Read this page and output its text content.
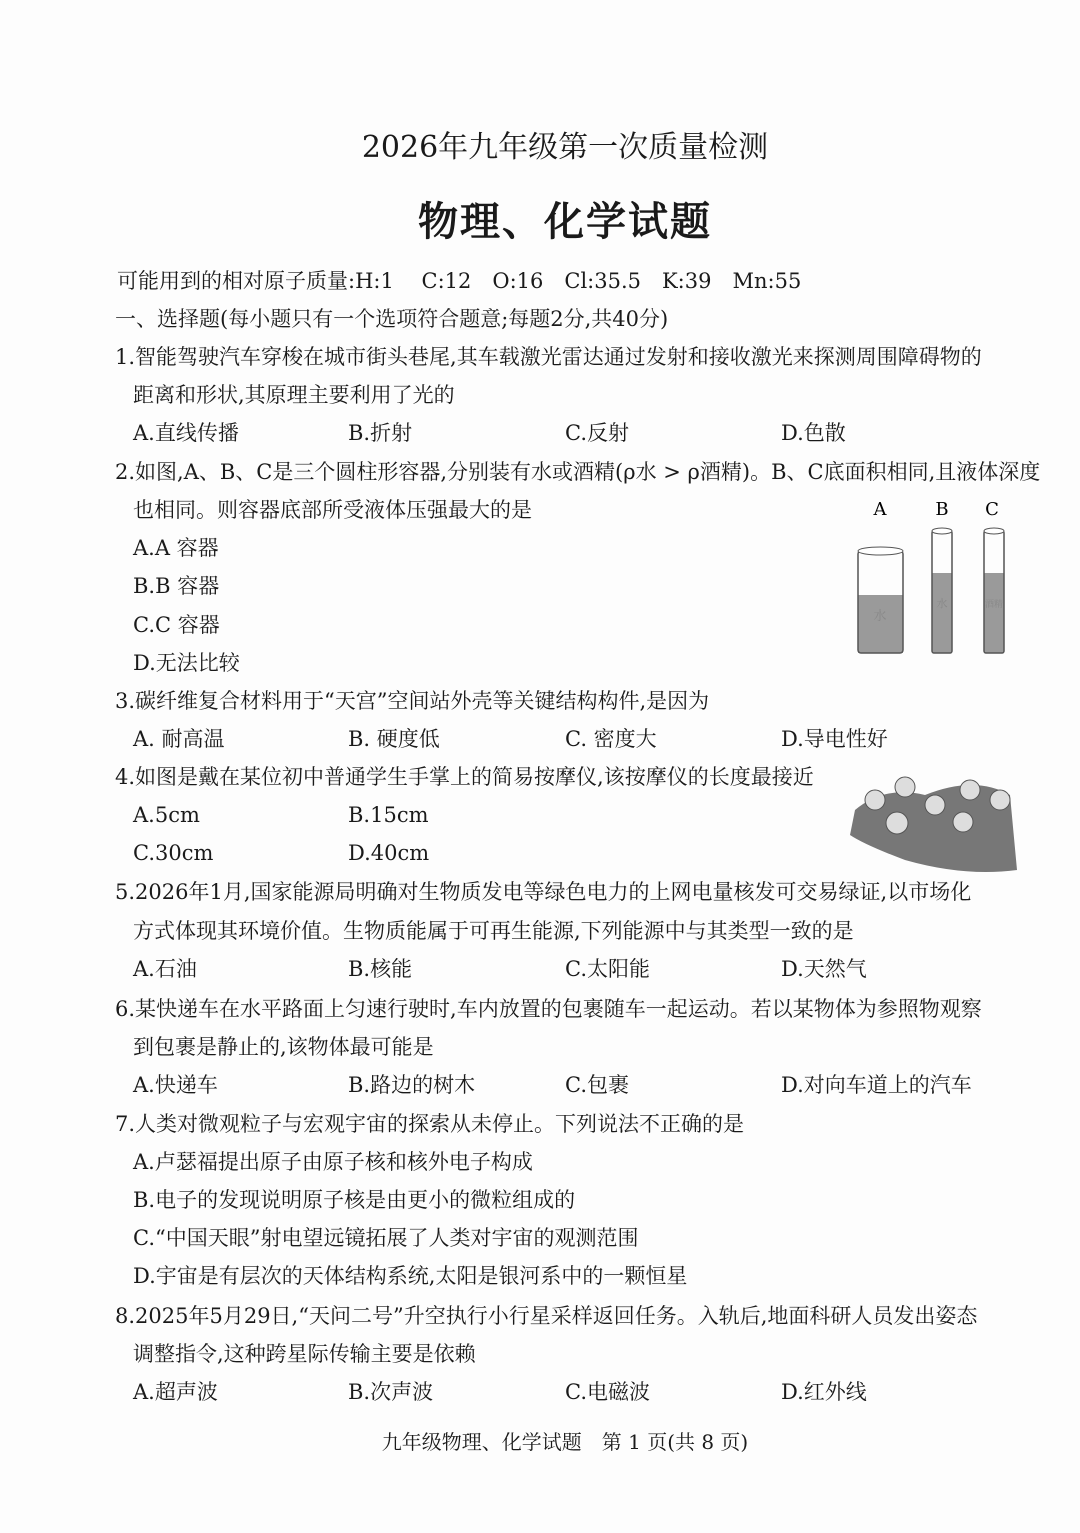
2026年九年级第一次质量检测
物理、化学试题
可能用到的相对原子质量:H:1　 C:12　O:16　Cl:35.5　K:39　Mn:55
一、选择题(每小题只有一个选项符合题意;每题2分,共40分)
A	B C
水
水	酒精
1.智能驾驶汽车穿梭在城市街头巷尾,其车载激光雷达通过发射和接收激光来探测周围障碍物的
距离和形状,其原理主要利用了光的
A.直线传播	B.折射	C.反射	D.色散
2.如图,A、B、C是三个圆柱形容器,分别装有水或酒精(ρ水 > ρ酒精)。B、C底面积相同,且液体深度
也相同。则容器底部所受液体压强最大的是
A.A 容器
B.B 容器
C.C 容器
D.无法比较
3.碳纤维复合材料用于“天宫”空间站外壳等关键结构构件,是因为
A. 耐高温	B. 硬度低	C. 密度大	D.导电性好
4.如图是戴在某位初中普通学生手掌上的简易按摩仪,该按摩仪的长度最接近
A.5cm	B.15cm
C.30cm	D.40cm
5.2026年1月,国家能源局明确对生物质发电等绿色电力的上网电量核发可交易绿证,以市场化
方式体现其环境价值。生物质能属于可再生能源,下列能源中与其类型一致的是
A.石油	B.核能	C.太阳能	D.天然气
6.某快递车在水平路面上匀速行驶时,车内放置的包裹随车一起运动。若以某物体为参照物观察
到包裹是静止的,该物体最可能是
A.快递车	B.路边的树木	C.包裹	D.对向车道上的汽车
7.人类对微观粒子与宏观宇宙的探索从未停止。下列说法不正确的是
A.卢瑟福提出原子由原子核和核外电子构成
B.电子的发现说明原子核是由更小的微粒组成的
C.“中国天眼”射电望远镜拓展了人类对宇宙的观测范围
D.宇宙是有层次的天体结构系统,太阳是银河系中的一颗恒星
8.2025年5月29日,“天问二号”升空执行小行星采样返回任务。入轨后,地面科研人员发出姿态
调整指令,这种跨星际传输主要是依赖
A.超声波	B.次声波	C.电磁波	D.红外线
九年级物理、化学试题　第 1 页(共 8 页)
